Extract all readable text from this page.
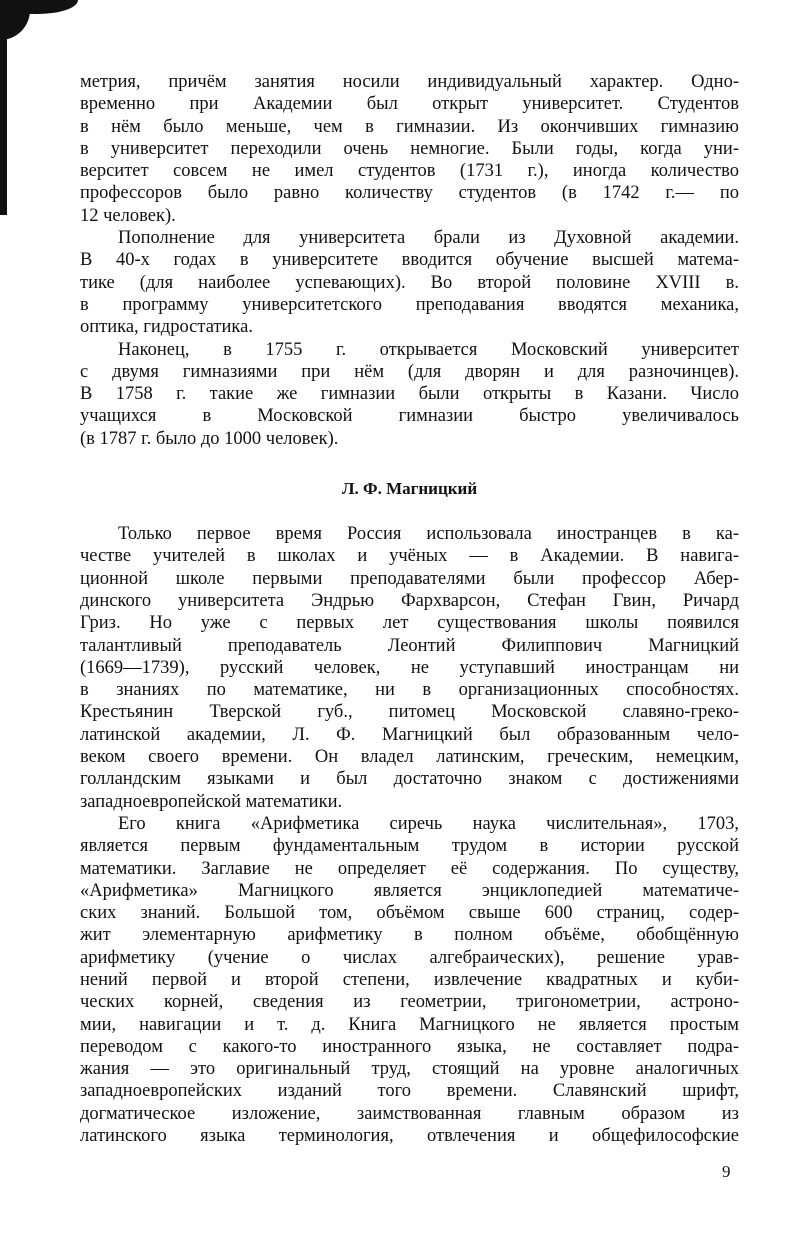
метрия, причём занятия носили индивидуальный характер. Одно-
временно при Академии был открыт университет. Студентов
в нём было меньше, чем в гимназии. Из окончивших гимназию
в университет переходили очень немногие. Были годы, когда уни-
верситет совсем не имел студентов (1731 г.), иногда количество
профессоров было равно количеству студентов (в 1742 г.— по
12 человек).
Пополнение для университета брали из Духовной академии.
В 40-х годах в университете вводится обучение высшей матема-
тике (для наиболее успевающих). Во второй половине XVIII в.
в программу университетского преподавания вводятся механика,
оптика, гидростатика.
Наконец, в 1755 г. открывается Московский университет
с двумя гимназиями при нём (для дворян и для разночинцев).
В 1758 г. такие же гимназии были открыты в Казани. Число
учащихся в Московской гимназии быстро увеличивалось
(в 1787 г. было до 1000 человек).
Л. Ф. Магницкий
Только первое время Россия использовала иностранцев в ка-
честве учителей в школах и учёных — в Академии. В навига-
ционной школе первыми преподавателями были профессор Абер-
динского университета Эндрью Фархварсон, Стефан Гвин, Ричард
Гриз. Но уже с первых лет существования школы появился
талантливый преподаватель Леонтий Филиппович Магницкий
(1669—1739), русский человек, не уступавший иностранцам ни
в знаниях по математике, ни в организационных способностях.
Крестьянин Тверской губ., питомец Московской славяно-греко-
латинской академии, Л. Ф. Магницкий был образованным чело-
веком своего времени. Он владел латинским, греческим, немецким,
голландским языками и был достаточно знаком с достижениями
западноевропейской математики.
Его книга «Арифметика сиречь наука числительная», 1703,
является первым фундаментальным трудом в истории русской
математики. Заглавие не определяет её содержания. По существу,
«Арифметика» Магницкого является энциклопедией математиче-
ских знаний. Большой том, объёмом свыше 600 страниц, содер-
жит элементарную арифметику в полном объёме, обобщённую
арифметику (учение о числах алгебраических), решение урав-
нений первой и второй степени, извлечение квадратных и куби-
ческих корней, сведения из геометрии, тригонометрии, астроно-
мии, навигации и т. д. Книга Магницкого не является простым
переводом с какого-то иностранного языка, не составляет подра-
жания — это оригинальный труд, стоящий на уровне аналогичных
западноевропейских изданий того времени. Славянский шрифт,
догматическое изложение, заимствованная главным образом из
латинского языка терминология, отвлечения и общефилософские
9
